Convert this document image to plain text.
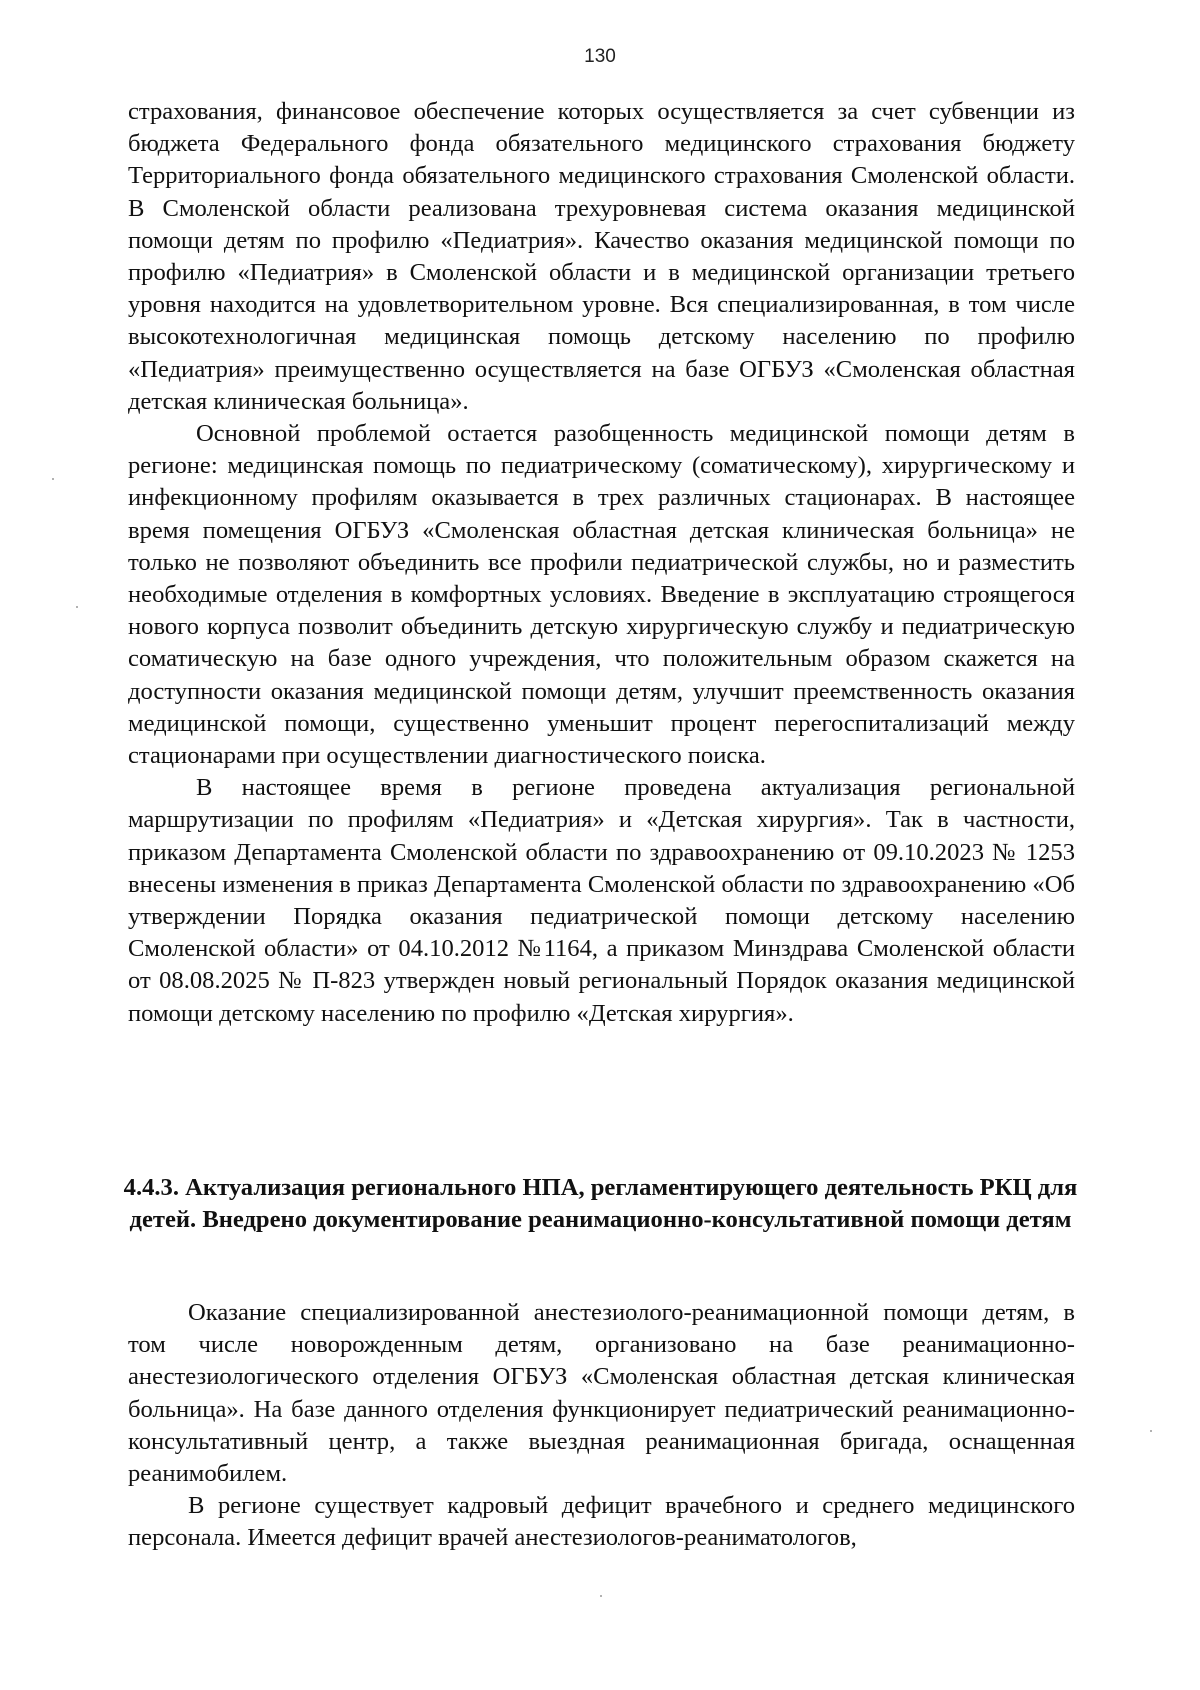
130

страхования, финансовое обеспечение которых осуществляется за счет субвенции из бюджета Федерального фонда обязательного медицинского страхования бюджету Территориального фонда обязательного медицинского страхования Смоленской области. В Смоленской области реализована трехуровневая система оказания медицинской помощи детям по профилю «Педиатрия». Качество оказания медицинской помощи по профилю «Педиатрия» в Смоленской области и в медицинской организации третьего уровня находится на удовлетворительном уровне. Вся специализированная, в том числе высокотехнологичная медицинская помощь детскому населению по профилю «Педиатрия» преимущественно осуществляется на базе ОГБУЗ «Смоленская областная детская клиническая больница».

Основной проблемой остается разобщенность медицинской помощи детям в регионе: медицинская помощь по педиатрическому (соматическому), хирургическому и инфекционному профилям оказывается в трех различных стационарах. В настоящее время помещения ОГБУЗ «Смоленская областная детская клиническая больница» не только не позволяют объединить все профили педиатрической службы, но и разместить необходимые отделения в комфортных условиях. Введение в эксплуатацию строящегося нового корпуса позволит объединить детскую хирургическую службу и педиатрическую соматическую на базе одного учреждения, что положительным образом скажется на доступности оказания медицинской помощи детям, улучшит преемственность оказания медицинской помощи, существенно уменьшит процент перегоспитализаций между стационарами при осуществлении диагностического поиска.

В настоящее время в регионе проведена актуализация региональной маршрутизации по профилям «Педиатрия» и «Детская хирургия». Так в частности, приказом Департамента Смоленской области по здравоохранению от 09.10.2023 № 1253 внесены изменения в приказ Департамента Смоленской области по здравоохранению «Об утверждении Порядка оказания педиатрической помощи детскому населению Смоленской области» от 04.10.2012 №1164, а приказом Минздрава Смоленской области от 08.08.2025 № П-823 утвержден новый региональный Порядок оказания медицинской помощи детскому населению по профилю «Детская хирургия».

4.4.3. Актуализация регионального НПА, регламентирующего деятельность РКЦ для детей. Внедрено документирование реанимационно-консультативной помощи детям

Оказание специализированной анестезиолого-реанимационной помощи детям, в том числе новорожденным детям, организовано на базе реанимационно-анестезиологического отделения ОГБУЗ «Смоленская областная детская клиническая больница». На базе данного отделения функционирует педиатрический реанимационно-консультативный центр, а также выездная реанимационная бригада, оснащенная реанимобилем.

В регионе существует кадровый дефицит врачебного и среднего медицинского персонала. Имеется дефицит врачей анестезиологов-реаниматологов,
